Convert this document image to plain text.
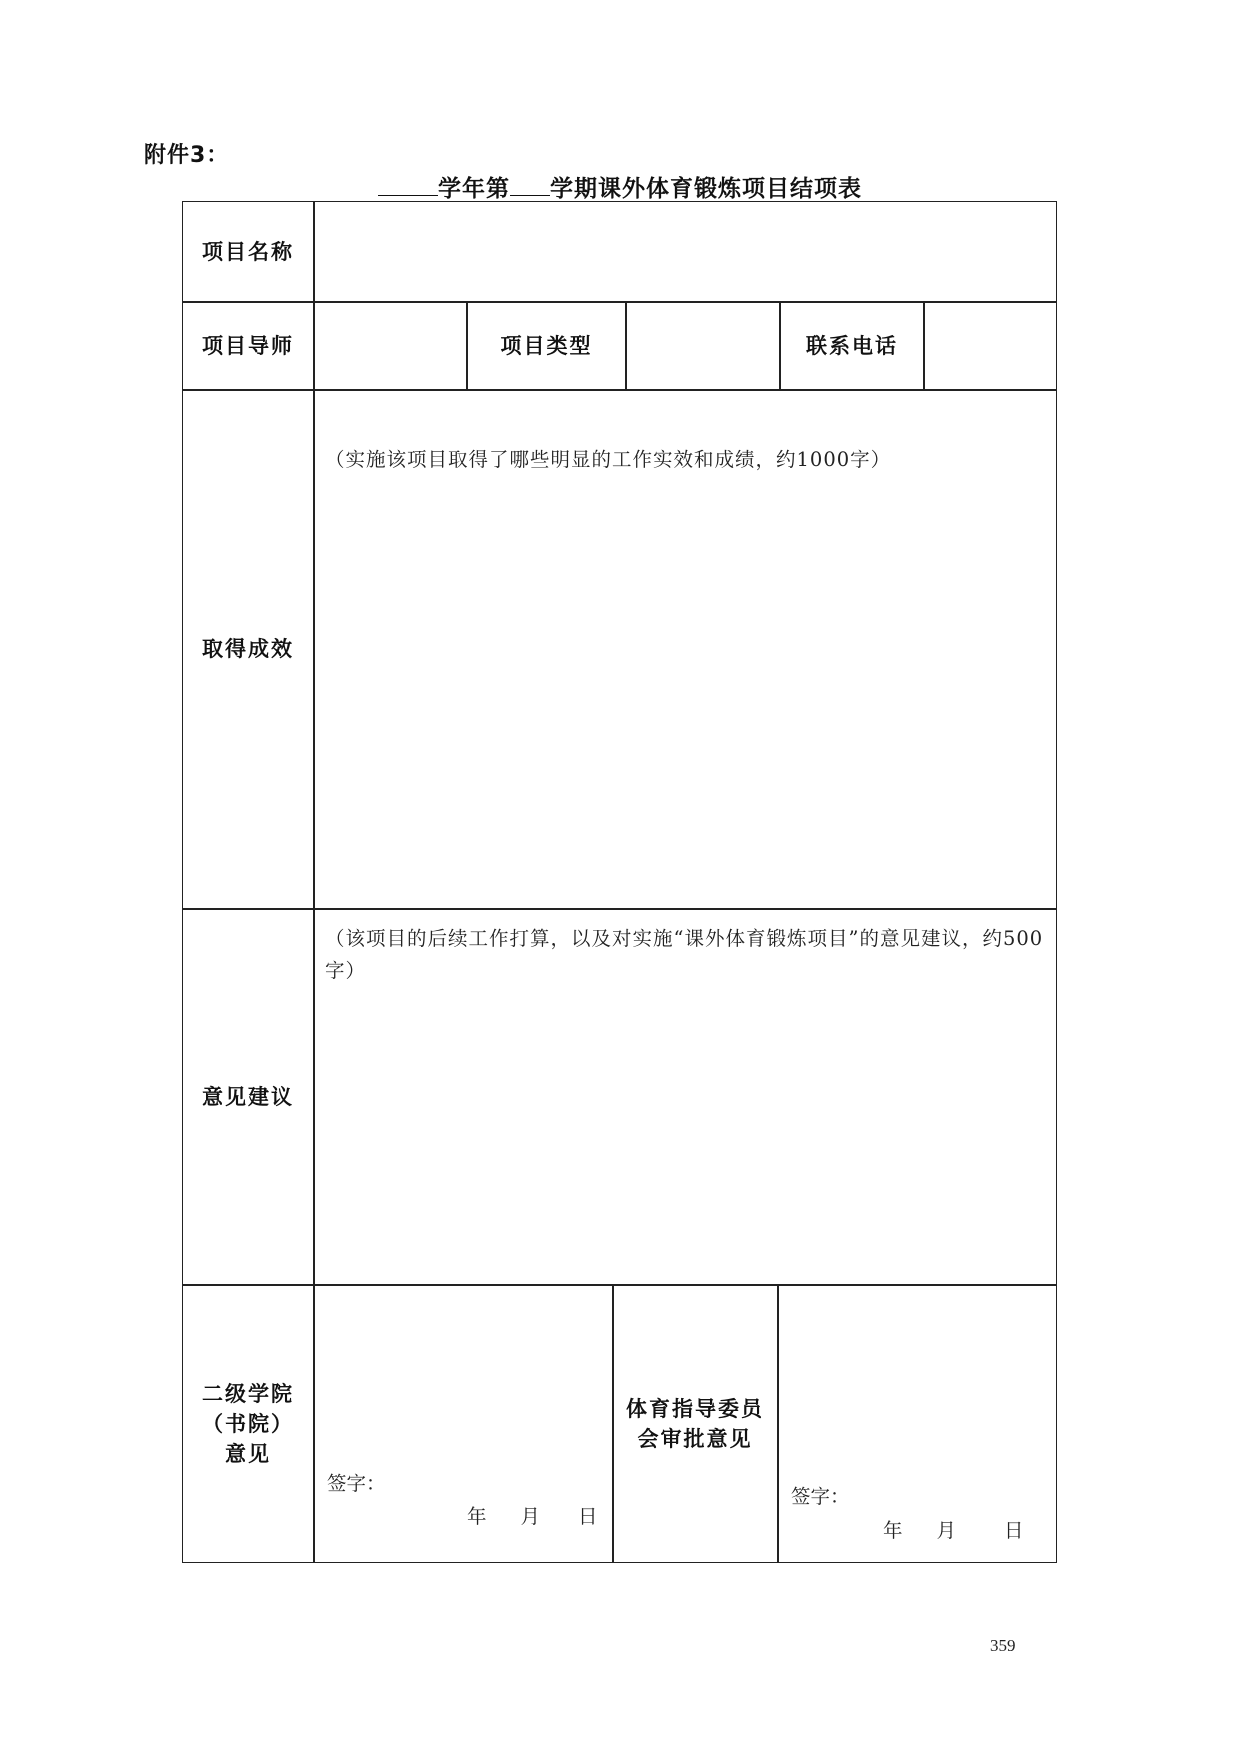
附件3：
学年第 学期课外体育锻炼项目结项表
项目名称
项目导师	项目类型	联系电话
取得成效
（实施该项目取得了哪些明显的工作实效和成绩，约1000字）
意见建议
（该项目的后续工作打算，以及对实施“课外体育锻炼项目”的意见建议，约500字）
二级学院（书院）意见
签字：
年 月 日
体育指导委员会审批意见
签字：
年 月 日
359
